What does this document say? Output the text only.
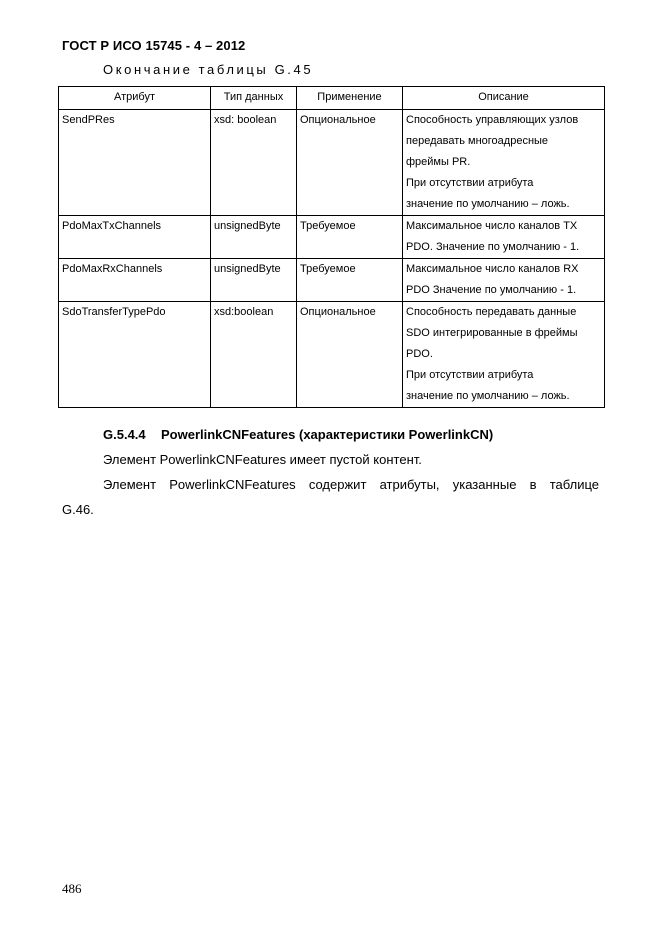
ГОСТ Р ИСО 15745 - 4 – 2012
Окончание таблицы G.45
Атрибут	Тип данных	Применение	Описание
SendPRes	xsd: boolean	Опциональное	Способность управляющих узлов
передавать многоадресные
фреймы PR.
При отсутствии атрибута
значение по умолчанию – ложь.

PdoMaxTxChannels	unsignedByte	Требуемое	Максимальное число каналов TX
PDO. Значение по умолчанию - 1.

PdoMaxRxChannels	unsignedByte	Требуемое	Максимальное число каналов RX
PDO Значение по умолчанию - 1.

SdoTransferTypePdo	xsd:boolean	Опциональное	Способность передавать данные
SDO интегрированные в фреймы
PDO.
При отсутствии атрибута
значение по умолчанию – ложь.
G.5.4.4 PowerlinkCNFeatures (характеристики PowerlinkCN)
Элемент PowerlinkCNFeatures имеет пустой контент.
Элемент PowerlinkCNFeatures содержит атрибуты, указанные в таблице
G.46.
486
